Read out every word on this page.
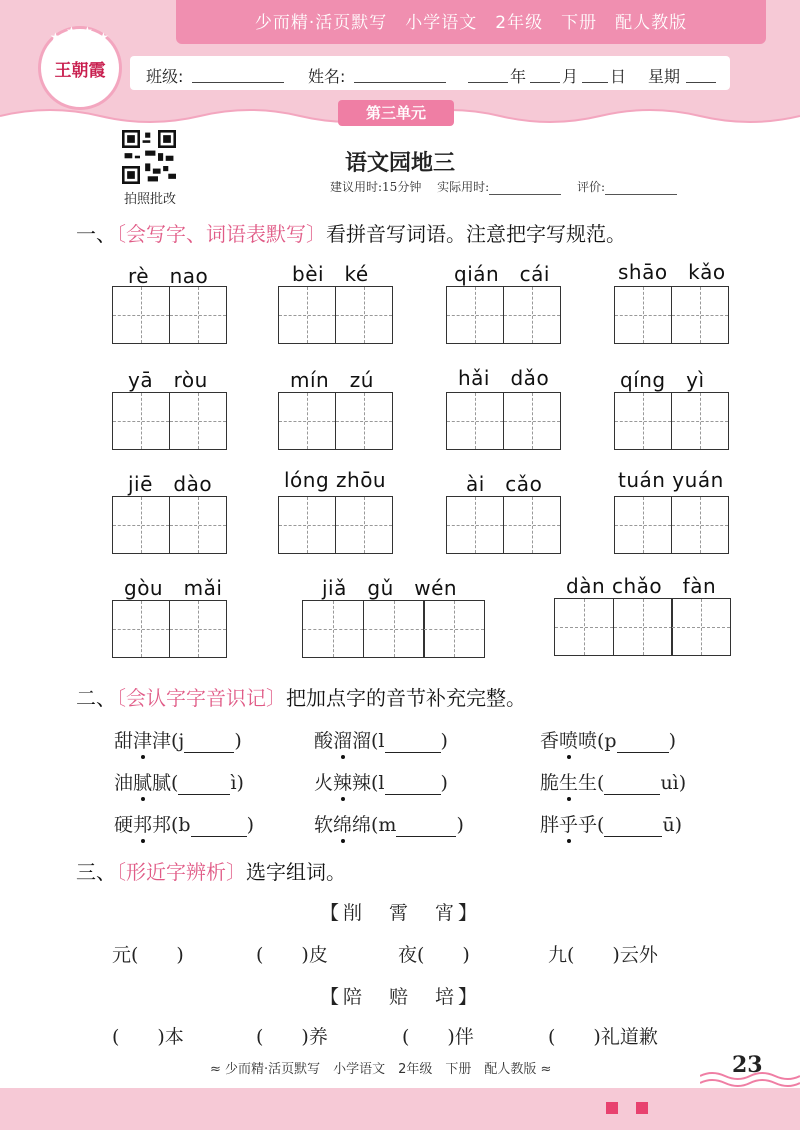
少而精·活页默写　小学语文　2年级　下册　配人教版
班级:	姓名:	年 月 日 星期
王朝霞
★ ★ ★ ★
第三单元
拍照批改
语文园地三
建议用时:15分钟　 实际用时:　	评价:
一、〔会写字、词语表默写〕看拼音写词语。注意把字写规范。
rè　nao	bèi　ké	qián　cái	shāo　kǎo
yā　ròu	mín　zú	hǎi　dǎo	qíng　yì
jiē　dào	lóng zhōu	ài　cǎo	tuán yuán
gòu　mǎi	jiǎ　gǔ　wén	dàn chǎo　fàn
二、〔会认字字音识记〕把加点字的音节补充完整。
甜津津(j	)	酸溜溜(l	)	香喷喷(p	)
油腻腻(	ì)	火辣辣(l	)	脆生生(	uì)
硬邦邦(b	)	软绵绵(m	)	胖乎乎(	ū)
三、〔形近字辨析〕选字组词。
【削　霄　宵】
元(　　)	(　　)皮	夜(　　)	九(　　)云外
【陪　赔　培】
(　　)本	(　　)养	(　　)伴	(　　)礼道歉
≈ 少而精·活页默写　小学语文　2年级　下册　配人教版 ≈	23
